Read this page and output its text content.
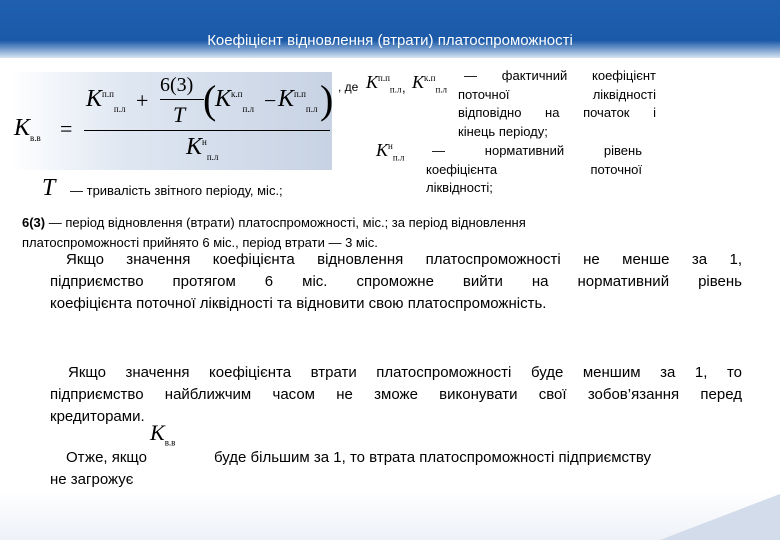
Коефіцієнт відновлення (втрати) платоспроможності
$K_{в.в}$ =
$K^{п.п}_{п.л}$ +
6(3)
T (
$K^{к.п}_{п.л} - K^{п.п}_{п.л}$ )
$K^н_{п.л}$
, де $K^{п.п}_{п.л}$ , $K^{к.п}_{п.л}$
— фактичний коефіцієнт
поточної ліквідності
відповідно на початок і
кінець періоду;
$K^н_{п.л}$	— нормативний рівень
коефіцієнта поточної
ліквідності;
T — тривалість звітного періоду, міс.;
6(3) — період відновлення (втрати) платоспроможності, міс.; за період відновлення
платоспроможності прийнято 6 міс., період втрати — 3 міс.
Якщо значення коефіцієнта відновлення платоспроможності не менше за 1,
підприємство протягом 6 міс. спроможне вийти на нормативний рівень
коефіцієнта поточної ліквідності та відновити свою платоспроможність.
Якщо значення коефіцієнта втрати платоспроможності буде меншим за 1, то
підприємство найближчим часом не зможе виконувати свої зобов’язання перед
кредиторами.
$K_{в.в}$
Отже, якщо	буде більшим за 1, то втрата платоспроможності підприємству
не загрожує
